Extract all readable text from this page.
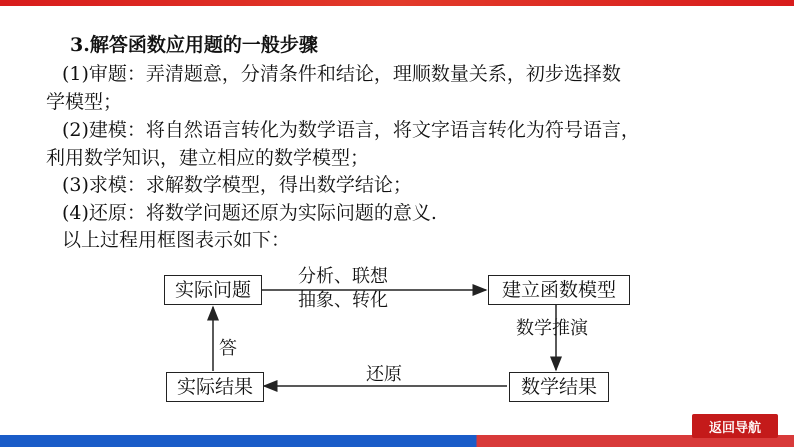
3.解答函数应用题的一般步骤
(1)审题：弄清题意，分清条件和结论，理顺数量关系，初步选择数
学模型；
(2)建模：将自然语言转化为数学语言，将文字语言转化为符号语言，
利用数学知识，建立相应的数学模型；
(3)求模：求解数学模型，得出数学结论；
(4)还原：将数学问题还原为实际问题的意义.
以上过程用框图表示如下：
实际问题	建立函数模型
数学结果
实际结果
分析、联想
抽象、转化
数学推演
还原
答
返回导航
